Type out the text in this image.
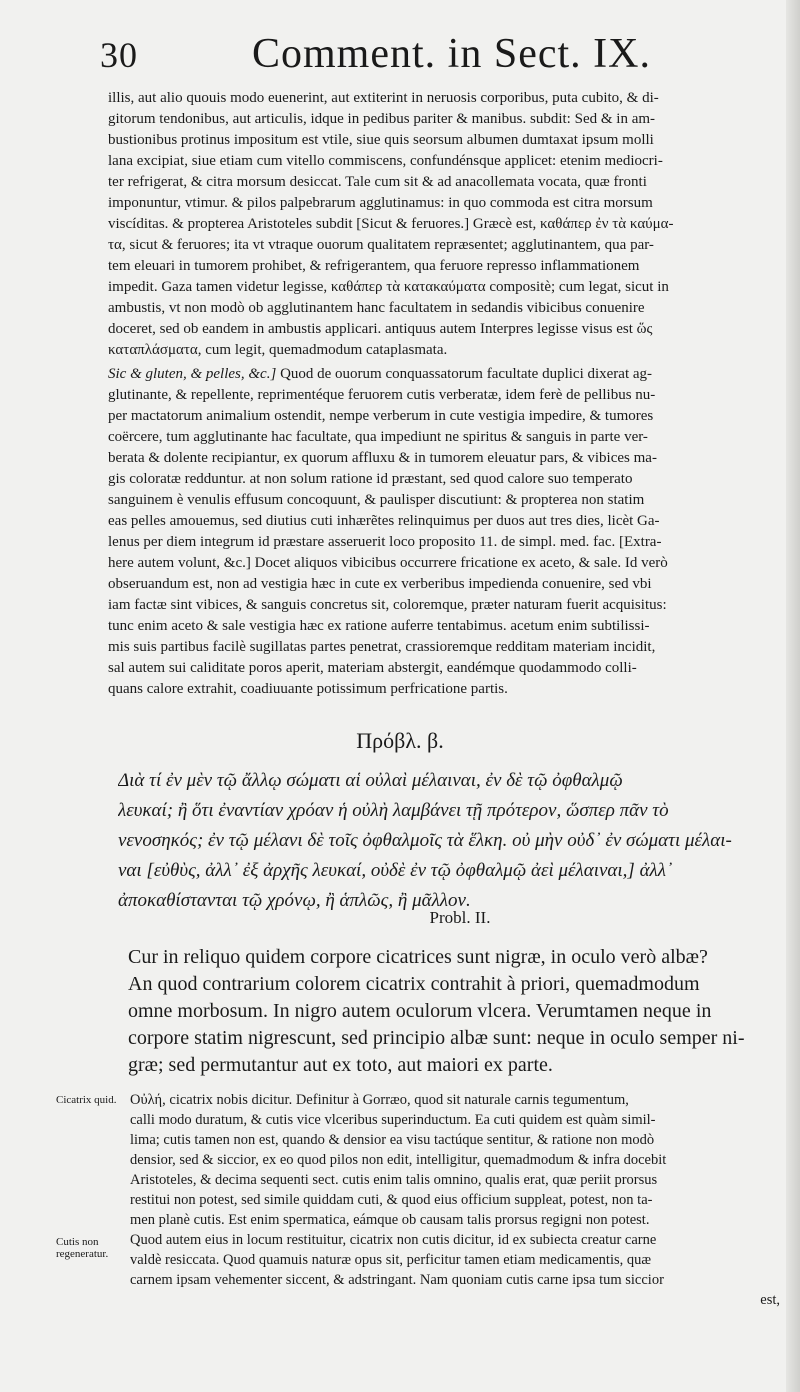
30	Comment. in Sect. IX.
illis, aut alio quouis modo euenerint, aut extiterint in neruosis corporibus, puta cubito, & di-
gitorum tendonibus, aut articulis, idque in pedibus pariter & manibus. subdit: Sed & in am-
bustionibus protinus impositum est vtile, siue quis seorsum albumen dumtaxat ipsum molli
lana excipiat, siue etiam cum vitello commiscens, confundénsque applicet: etenim mediocri-
ter refrigerat, & citra morsum desiccat. Tale cum sit & ad anacollemata vocata, quæ fronti
imponuntur, vtimur. & pilos palpebrarum agglutinamus: in quo commoda est citra morsum
viscíditas. & propterea Aristoteles subdit [Sicut & feruores.] Græcè est, καθάπερ ἐν τὰ καύμα-
τα, sicut & feruores; ita vt vtraque ouorum qualitatem repræsentet; agglutinantem, qua par-
tem eleuari in tumorem prohibet, & refrigerantem, qua feruore represso inflammationem
impedit. Gaza tamen videtur legisse, καθάπερ τὰ κατακαύματα compositè; cum legat, sicut in
ambustis, vt non modò ob agglutinantem hanc facultatem in sedandis vibicibus conuenire
doceret, sed ob eandem in ambustis applicari. antiquus autem Interpres legisse visus est ὥς
καταπλάσματα, cum legit, quemadmodum cataplasmata.
Sic & gluten, & pelles, &c.] Quod de ouorum conquassatorum facultate duplici dixerat ag-
glutinante, & repellente, reprimentéque feruorem cutis verberatæ, idem ferè de pellibus nu-
per mactatorum animalium ostendit, nempe verberum in cute vestigia impedire, & tumores
coërcere, tum agglutinante hac facultate, qua impediunt ne spiritus & sanguis in parte ver-
berata & dolente recipiantur, ex quorum affluxu & in tumorem eleuatur pars, & vibices ma-
gis coloratæ redduntur. at non solum ratione id præstant, sed quod calore suo temperato
sanguinem è venulis effusum concoquunt, & paulisper discutiunt: & propterea non statim
eas pelles amouemus, sed diutius cuti inhærẽtes relinquimus per duos aut tres dies, licèt Ga-
lenus per diem integrum id præstare asseruerit loco proposito 11. de simpl. med. fac. [Extra-
here autem volunt, &c.] Docet aliquos vibicibus occurrere fricatione ex aceto, & sale. Id verò
obseruandum est, non ad vestigia hæc in cute ex verberibus impedienda conuenire, sed vbi
iam factæ sint vibices, & sanguis concretus sit, coloremque, præter naturam fuerit acquisitus:
tunc enim aceto & sale vestigia hæc ex ratione auferre tentabimus. acetum enim subtilissi-
mis suis partibus facilè sugillatas partes penetrat, crassioremque redditam materiam incidit,
sal autem sui caliditate poros aperit, materiam abstergit, eandémque quodammodo colli-
quans calore extrahit, coadiuuante potissimum perfricatione partis.
Πρόβλ. β.
Διὰ τί ἐν μὲν τῷ ἄλλῳ σώματι αἱ οὐλαὶ μέλαιναι, ἐν δὲ τῷ ὀφθαλμῷ
λευκαί; ἢ ὅτι ἐναντίαν χρόαν ἡ οὐλὴ λαμβάνει τῇ πρότερον, ὥσπερ πᾶν τὸ
νενοσηκός; ἐν τῷ μέλανι δὲ τοῖς ὀφθαλμοῖς τὰ ἕλκη. οὐ μὴν οὐδ᾽ ἐν σώματι μέλαι-
ναι [εὐθὺς, ἀλλ᾽ ἐξ ἀρχῆς λευκαί, οὐδὲ ἐν τῷ ὀφθαλμῷ ἀεὶ μέλαιναι,] ἀλλ᾽
ἀποκαθίστανται τῷ χρόνῳ, ἢ ἁπλῶς, ἢ μᾶλλον.
Probl. II.
Cur in reliquo quidem corpore cicatrices sunt nigræ, in oculo verò albæ?
An quod contrarium colorem cicatrix contrahit à priori, quemadmodum
omne morbosum. In nigro autem oculorum vlcera. Verumtamen neque in
corpore statim nigrescunt, sed principio albæ sunt: neque in oculo semper ni-
græ; sed permutantur aut ex toto, aut maiori ex parte.
Cicatrix quid.
Cutis non regeneratur.
Οὐλή, cicatrix nobis dicitur. Definitur à Gorræo, quod sit naturale carnis tegumentum,
calli modo duratum, & cutis vice vlceribus superinductum. Ea cuti quidem est quàm simil-
lima; cutis tamen non est, quando & densior ea visu tactúque sentitur, & ratione non modò
densior, sed & siccior, ex eo quod pilos non edit, intelligitur, quemadmodum & infra docebit
Aristoteles, & decima sequenti sect. cutis enim talis omnino, qualis erat, quæ periit prorsus
restitui non potest, sed simile quiddam cuti, & quod eius officium suppleat, potest, non ta-
men planè cutis. Est enim spermatica, eámque ob causam talis prorsus regigni non potest.
Quod autem eius in locum restituitur, cicatrix non cutis dicitur, id ex subiecta creatur carne
valdè resiccata. Quod quamuis naturæ opus sit, perficitur tamen etiam medicamentis, quæ
carnem ipsam vehementer siccent, & adstringant. Nam quoniam cutis carne ipsa tum siccior
est,
